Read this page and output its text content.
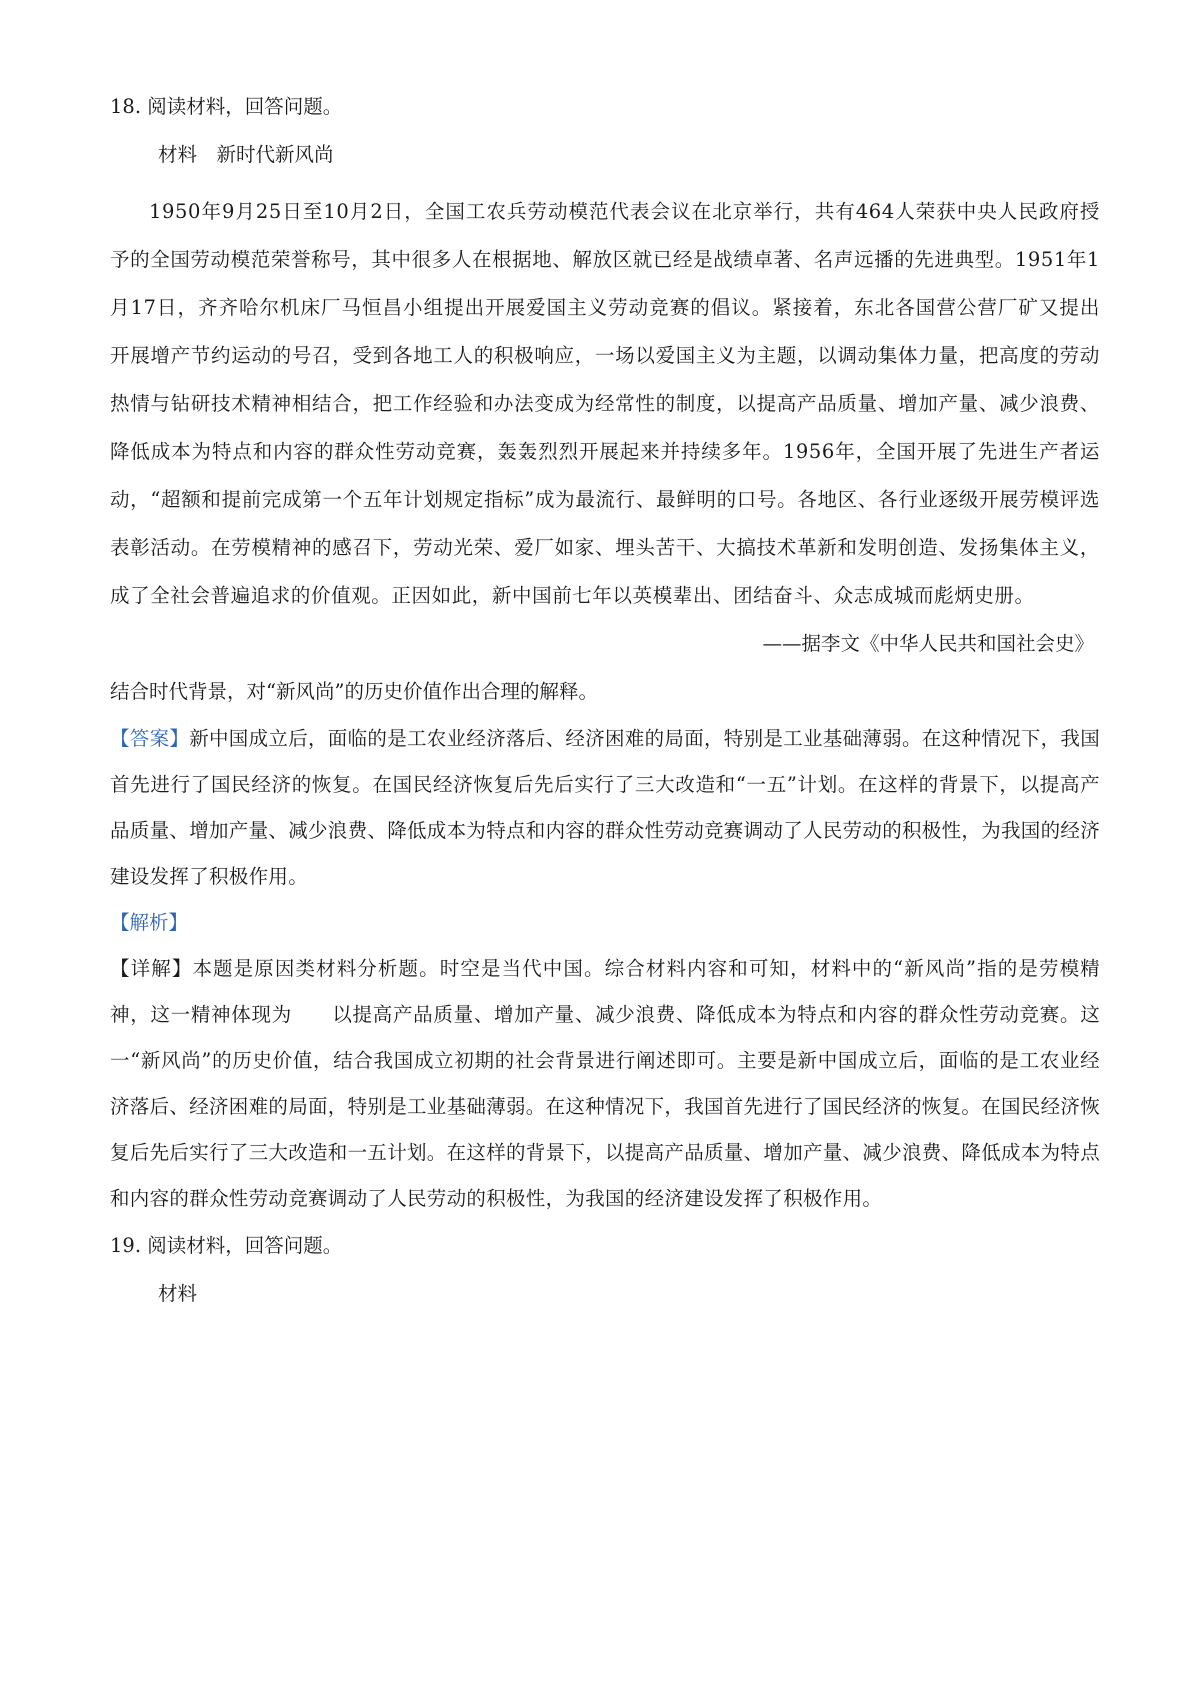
18. 阅读材料，回答问题。

材料　新时代新风尚

1950年9月25日至10月2日，全国工农兵劳动模范代表会议在北京举行，共有464人荣获中央人民政府授予的全国劳动模范荣誉称号，其中很多人在根据地、解放区就已经是战绩卓著、名声远播的先进典型。1951年1月17日，齐齐哈尔机床厂马恒昌小组提出开展爱国主义劳动竞赛的倡议。紧接着，东北各国营公营厂矿又提出开展增产节约运动的号召，受到各地工人的积极响应，一场以爱国主义为主题，以调动集体力量，把高度的劳动热情与钻研技术精神相结合，把工作经验和办法变成为经常性的制度，以提高产品质量、增加产量、减少浪费、降低成本为特点和内容的群众性劳动竞赛，轰轰烈烈开展起来并持续多年。1956年，全国开展了先进生产者运动，“超额和提前完成第一个五年计划规定指标”成为最流行、最鲜明的口号。各地区、各行业逐级开展劳模评选表彰活动。在劳模精神的感召下，劳动光荣、爱厂如家、埋头苦干、大搞技术革新和发明创造、发扬集体主义，成了全社会普遍追求的价值观。正因如此，新中国前七年以英模辈出、团结奋斗、众志成城而彪炳史册。

——据李文《中华人民共和国社会史》

结合时代背景，对“新风尚”的历史价值作出合理的解释。

【答案】新中国成立后，面临的是工农业经济落后、经济困难的局面，特别是工业基础薄弱。在这种情况下，我国首先进行了国民经济的恢复。在国民经济恢复后先后实行了三大改造和“一五”计划。在这样的背景下，以提高产品质量、增加产量、减少浪费、降低成本为特点和内容的群众性劳动竞赛调动了人民劳动的积极性，为我国的经济建设发挥了积极作用。

【解析】

【详解】本题是原因类材料分析题。时空是当代中国。综合材料内容和可知，材料中的“新风尚”指的是劳模精神，这一精神体现为　　以提高产品质量、增加产量、减少浪费、降低成本为特点和内容的群众性劳动竞赛。这一“新风尚”的历史价值，结合我国成立初期的社会背景进行阐述即可。主要是新中国成立后，面临的是工农业经济落后、经济困难的局面，特别是工业基础薄弱。在这种情况下，我国首先进行了国民经济的恢复。在国民经济恢复后先后实行了三大改造和一五计划。在这样的背景下，以提高产品质量、增加产量、减少浪费、降低成本为特点和内容的群众性劳动竞赛调动了人民劳动的积极性，为我国的经济建设发挥了积极作用。

19. 阅读材料，回答问题。

材料
